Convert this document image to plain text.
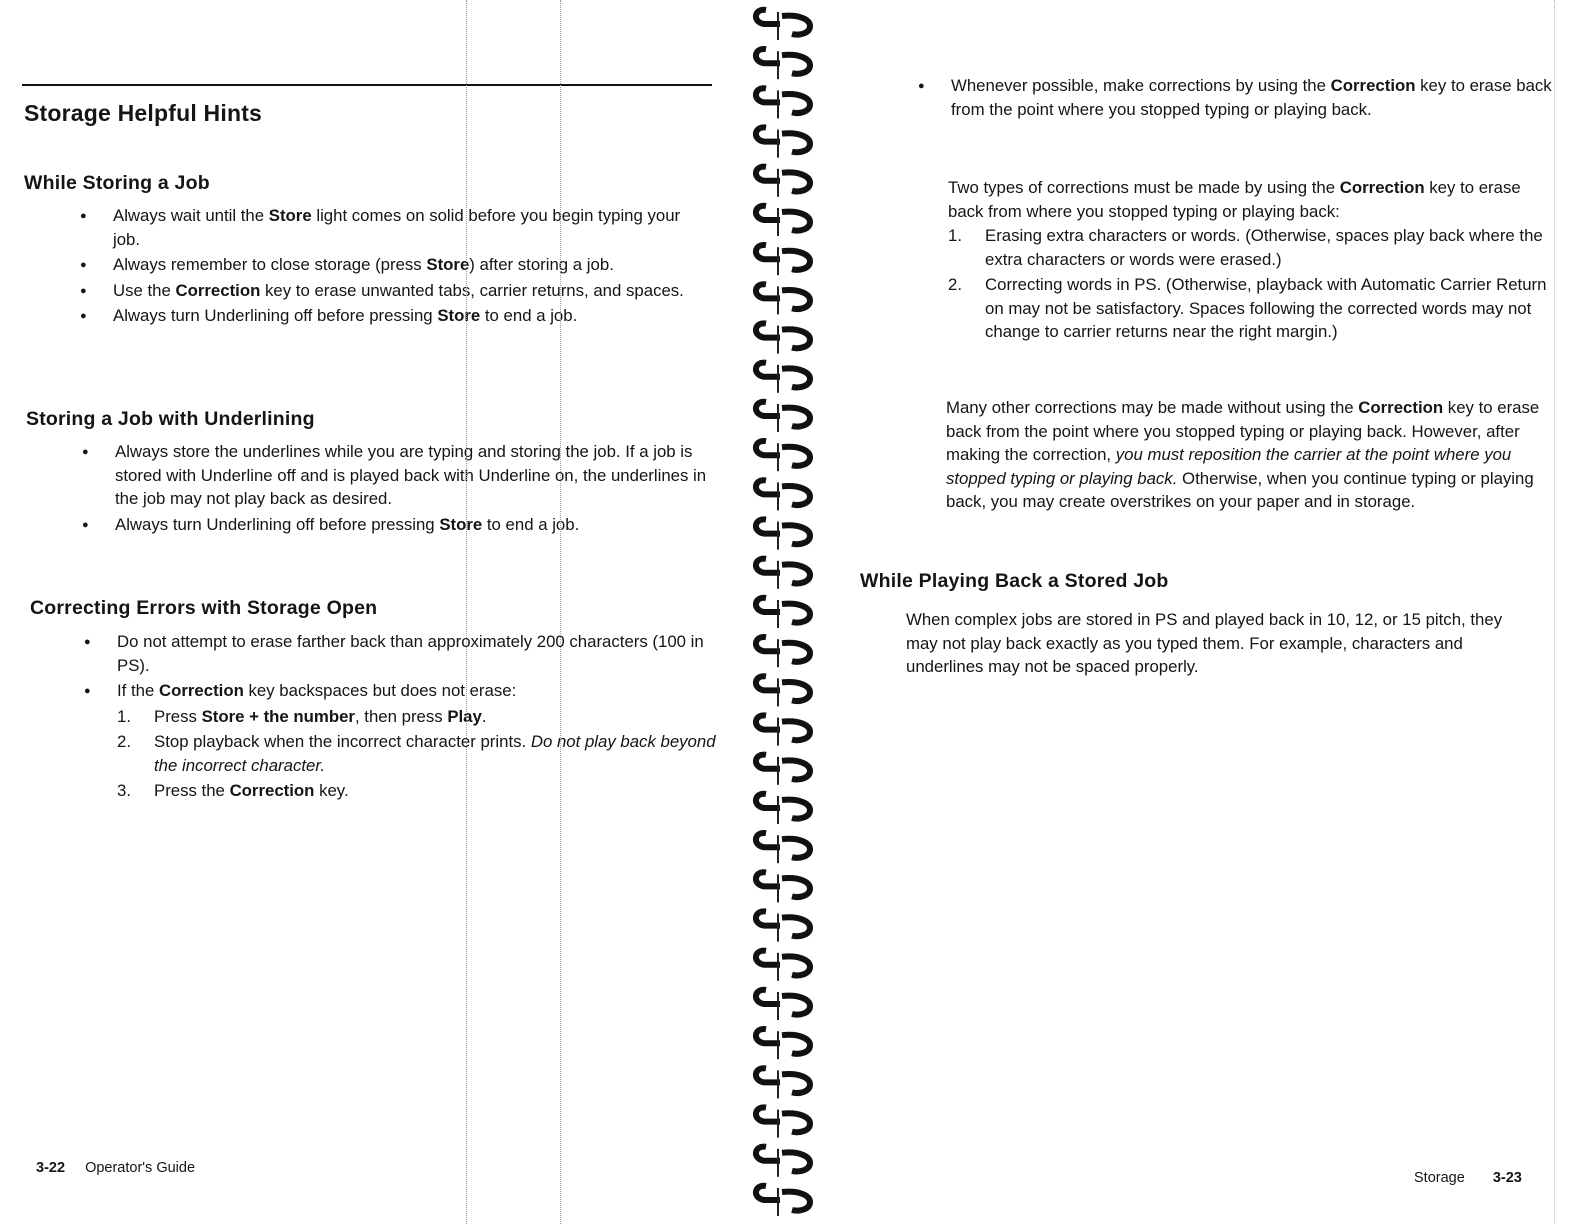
Storage Helpful Hints
While Storing a Job
● Always wait until the Store light comes on solid before you begin typing your job.
● Always remember to close storage (press Store) after storing a job.
● Use the Correction key to erase unwanted tabs, carrier returns, and spaces.
● Always turn Underlining off before pressing Store to end a job.
Storing a Job with Underlining
● Always store the underlines while you are typing and storing the job. If a job is stored with Underline off and is played back with Underline on, the underlines in the job may not play back as desired.
● Always turn Underlining off before pressing Store to end a job.
Correcting Errors with Storage Open
● Do not attempt to erase farther back than approximately 200 characters (100 in PS).
● If the Correction key backspaces but does not erase:
1. Press Store + the number, then press Play.
2. Stop playback when the incorrect character prints. Do not play back beyond the incorrect character.
3. Press the Correction key.
3-22 Operator's Guide
● Whenever possible, make corrections by using the Correction key to erase back from the point where you stopped typing or playing back.

Two types of corrections must be made by using the Correction key to erase back from where you stopped typing or playing back:

1. Erasing extra characters or words. (Otherwise, spaces play back where the extra characters or words were erased.)
2. Correcting words in PS. (Otherwise, playback with Automatic Carrier Return on may not be satisfactory. Spaces following the corrected words may not change to carrier returns near the right margin.)

Many other corrections may be made without using the Correction key to erase back from the point where you stopped typing or playing back. However, after making the correction, you must reposition the carrier at the point where you stopped typing or playing back. Otherwise, when you continue typing or playing back, you may create overstrikes on your paper and in storage.

While Playing Back a Stored Job

When complex jobs are stored in PS and played back in 10, 12, or 15 pitch, they may not play back exactly as you typed them. For example, characters and underlines may not be spaced properly.

Storage 3-23
